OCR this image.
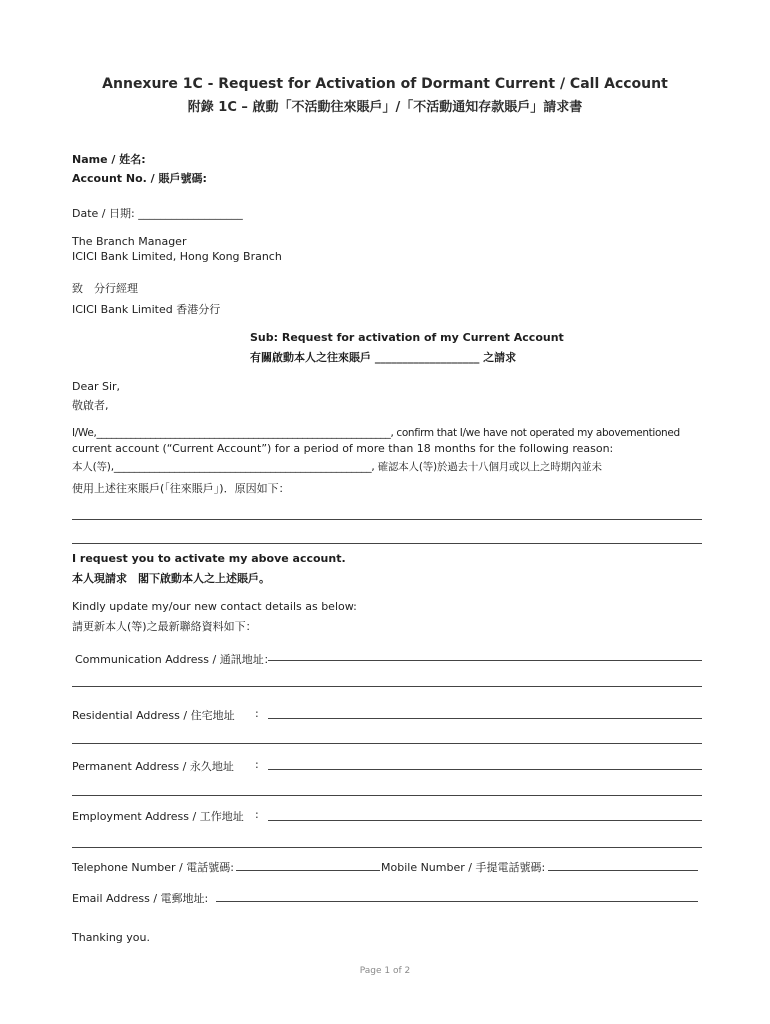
Annexure 1C - Request for Activation of Dormant Current / Call Account
附錄 1C – 啟動「不活動往來賬戶」/「不活動通知存款賬戶」請求書
Name / 姓名:
Account No. / 賬戶號碼:
Date / 日期: ___________________
The Branch Manager
ICICI Bank Limited, Hong Kong Branch
致　分行經理
ICICI Bank Limited 香港分行
Sub: Request for activation of my Current Account
有關啟動本人之往來賬戶 ___________________ 之請求
Dear Sir,
敬啟者,
I/We,____________________________________________________________, confirm that I/we have not operated my abovementioned
current account (“Current Account”) for a period of more than 18 months for the following reason:
本人(等),___________________________________________________, 確認本人(等)於過去十八個月或以上之時期內並未
使用上述往來賬戶(「往來賬戶」)．原因如下：
I request you to activate my above account.
本人現請求　閣下啟動本人之上述賬戶。
Kindly update my/our new contact details as below:
請更新本人(等)之最新聯絡資料如下：
Communication Address / 通訊地址：
Residential Address / 住宅地址 :
Permanent Address / 永久地址 :
Employment Address / 工作地址 :
Telephone Number / 電話號碼:	Mobile Number / 手提電話號碼:
Email Address / 電郵地址:
Thanking you.
Page 1 of 2
